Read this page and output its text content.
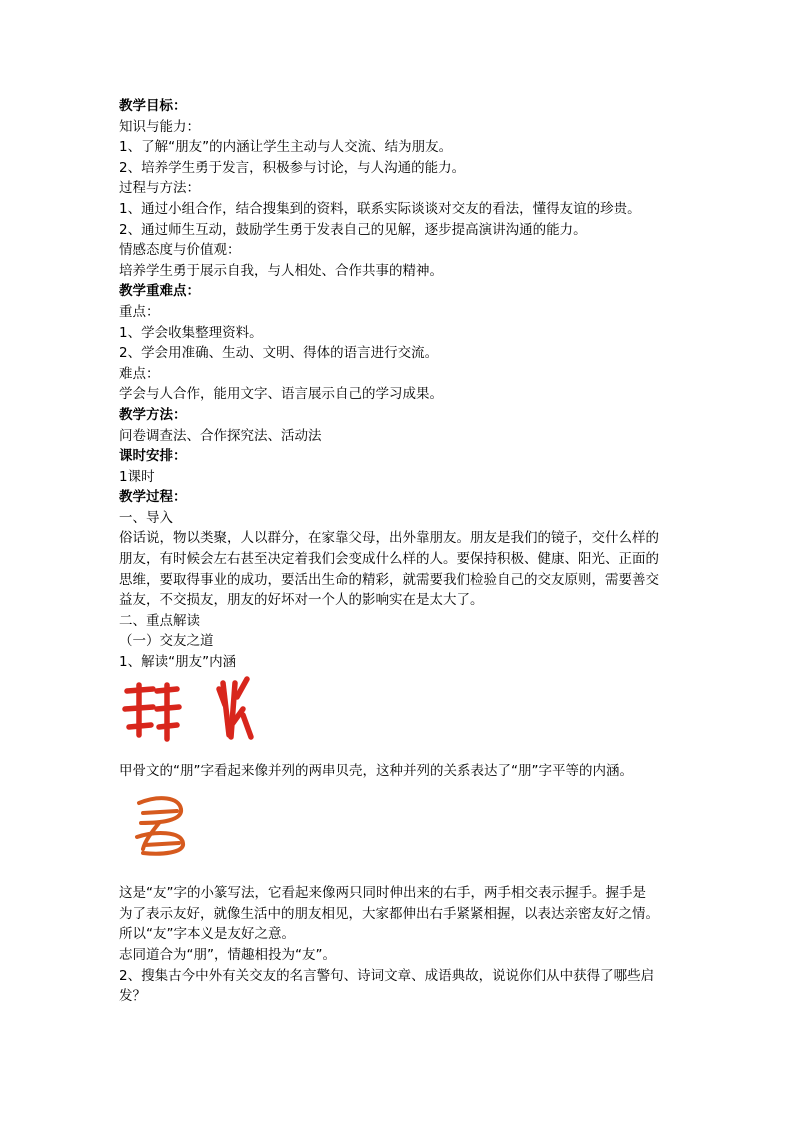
教学目标：
知识与能力：
1、了解“朋友”的内涵让学生主动与人交流、结为朋友。
2、培养学生勇于发言，积极参与讨论，与人沟通的能力。
过程与方法：
1、通过小组合作，结合搜集到的资料，联系实际谈谈对交友的看法，懂得友谊的珍贵。
2、通过师生互动，鼓励学生勇于发表自己的见解，逐步提高演讲沟通的能力。
情感态度与价值观：
培养学生勇于展示自我，与人相处、合作共事的精神。
教学重难点：
重点：
1、学会收集整理资料。
2、学会用准确、生动、文明、得体的语言进行交流。
难点：
学会与人合作，能用文字、语言展示自己的学习成果。
教学方法：
问卷调查法、合作探究法、活动法
课时安排：
1课时
教学过程：
一、导入
俗话说，物以类聚，人以群分，在家靠父母，出外靠朋友。朋友是我们的镜子，交什么样的
朋友，有时候会左右甚至决定着我们会变成什么样的人。要保持积极、健康、阳光、正面的
思维，要取得事业的成功，要活出生命的精彩，就需要我们检验自己的交友原则，需要善交
益友，不交损友，朋友的好坏对一个人的影响实在是太大了。
二、重点解读
（一）交友之道
1、解读“朋友”内涵
甲骨文的“朋”字看起来像并列的两串贝壳，这种并列的关系表达了“朋”字平等的内涵。
这是“友”字的小篆写法，它看起来像两只同时伸出来的右手，两手相交表示握手。握手是
为了表示友好，就像生活中的朋友相见，大家都伸出右手紧紧相握，以表达亲密友好之情。
所以“友”字本义是友好之意。
志同道合为“朋”，情趣相投为“友”。
2、搜集古今中外有关交友的名言警句、诗词文章、成语典故，说说你们从中获得了哪些启
发？
